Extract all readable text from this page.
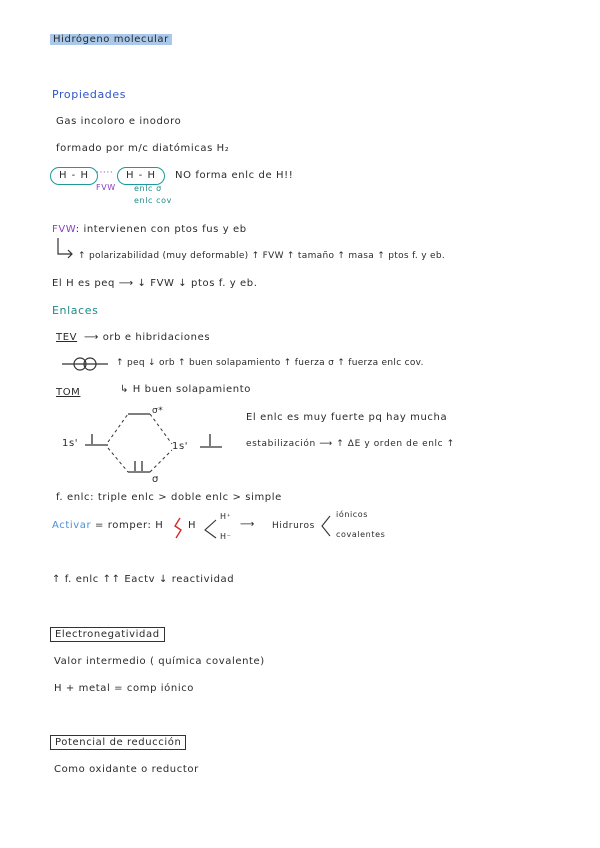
Hidrógeno molecular
Propiedades
Gas incoloro e inodoro
formado por m/c diatómicas H₂
H - H ·····	H - H	NO forma enlc de H!!
FVW enlc σ
enlc cov
FVW: intervienen con ptos fus y eb
↑ polarizabilidad (muy deformable) ↑ FVW ↑ tamaño ↑ masa ↑ ptos f. y eb.
El H es peq ⟶ ↓ FVW ↓ ptos f. y eb.
Enlaces
TEV ⟶ orb e hibridaciones
↑ peq ↓ orb ↑ buen solapamiento ↑ fuerza σ ↑ fuerza enlc cov.
TOM	↳ H buen solapamiento
σ*
1s'	1s'
σ
El enlc es muy fuerte pq hay mucha
estabilización ⟶ ↑ ΔE y orden de enlc ↑
f. enlc: triple enlc > doble enlc > simple
Activar = romper: H H
H⁺
H⁻
⟶ Hidruros
iónicos
covalentes
↑ f. enlc ↑↑ Eactv ↓ reactividad
Electronegatividad
Valor intermedio ( química covalente)
H + metal = comp iónico
Potencial de reducción
Como oxidante o reductor
